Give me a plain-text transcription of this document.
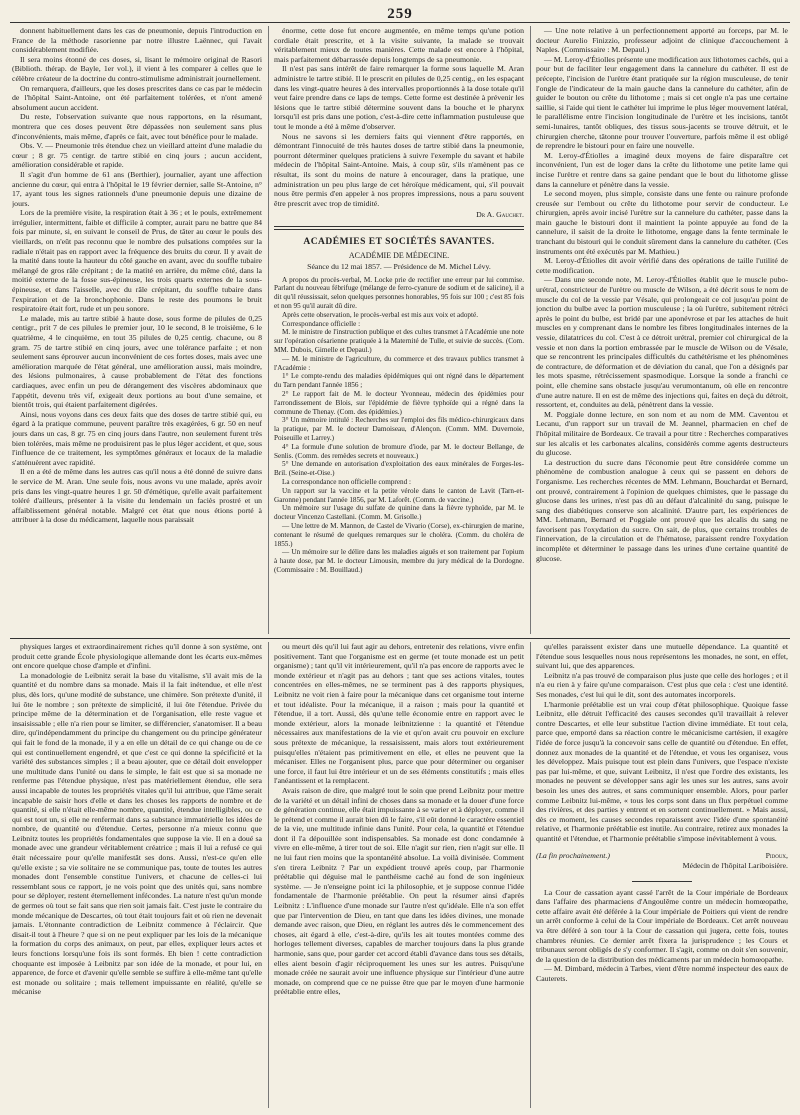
259

donnent habituellement dans les cas de pneumonie, depuis l'introduction en France de la méthode rasorienne par notre illustre Laënnec, qui l'avait considérablement modifiée.

Il sera moins étonné de ces doses, si, lisant le mémoire original de Rasori (Biblioth. thérap. de Bayle, 1er vol.), il vient à les comparer à celles que le célèbre créateur de la doctrine du contro-stimulisme administrait journellement.

On remarquera, d'ailleurs, que les doses prescrites dans ce cas par le médecin de l'hôpital Saint-Antoine, ont été parfaitement tolérées, et n'ont amené absolument aucun accident.

Du reste, l'observation suivante que nous rapportons, en la résumant, montrera que ces doses peuvent être dépassées non seulement sans plus d'inconvénients, mais même, d'après ce fait, avec tout bénéfice pour le malade.

Obs. V. — Pneumonie très étendue chez un vieillard atteint d'une maladie du cœur ; 8 gr. 75 centigr. de tartre stibié en cinq jours ; aucun accident, amélioration considérable et rapide.

Il s'agit d'un homme de 61 ans (Berthier), journalier, ayant une affection ancienne du cœur, qui entra à l'hôpital le 19 février dernier, salle St-Antoine, n° 17, ayant tous les signes rationnels d'une pneumonie depuis une dizaine de jours.

Lors de la première visite, la respiration était à 36 ; et le pouls, extrêmement irrégulier, intermittent, faible et difficile à compter, aurait paru ne battre que 84 fois par minute, si, en suivant le conseil de Prus, de tâter au cœur le pouls des vieillards, on n'eût pas reconnu que le nombre des pulsations comptées sur la radiale n'était pas en rapport avec la fréquence des bruits du cœur. Il y avait de la matité dans toute la hauteur du côté gauche en avant, avec du souffle tubaire mélangé de gros râle crépitant ; de la matité en arrière, du même côté, dans la moitié externe de la fosse sus-épineuse, les trois quarts externes de la sous-épineuse, et dans l'aisselle, avec du râle crépitant, du souffle tubaire dans l'expiration et de la bronchophonie. Dans le reste des poumons le bruit respiratoire était fort, rude et un peu sonore.

Le malade, mis au tartre stibié à haute dose, sous forme de pilules de 0,25 centigr., prit 7 de ces pilules le premier jour, 10 le second, 8 le troisième, 6 le quatrième, 4 le cinquième, en tout 35 pilules de 0,25 centig. chacune, ou 8 gram. 75 de tartre stibié en cinq jours, avec une tolérance parfaite ; et non seulement sans éprouver aucun inconvénient de ces fortes doses, mais avec une amélioration marquée de l'état général, une amélioration aussi, mais moindre, des lésions pulmonaires, à cause probablement de l'état des fonctions cardiaques, avec enfin un peu de dérangement des viscères abdominaux que l'appétit, devenu très vif, exigeait deux portions au bout d'une semaine, et bientôt trois, qui étaient parfaitement digérées.

Ainsi, nous voyons dans ces deux faits que des doses de tartre stibié qui, eu égard à la pratique commune, peuvent paraître très exagérées, 6 gr. 50 en neuf jours dans un cas, 8 gr. 75 en cinq jours dans l'autre, non seulement furent très bien tolérées, mais même ne produisirent pas le plus léger accident, et que, sous l'influence de ce traitement, les symptômes généraux et locaux de la maladie s'atténuèrent avec rapidité.

Il en a été de même dans les autres cas qu'il nous a été donné de suivre dans le service de M. Aran. Une seule fois, nous avons vu une malade, après avoir pris dans les vingt-quatre heures 1 gr. 50 d'émétique, qu'elle avait parfaitement toléré d'ailleurs, présenter à la visite du lendemain un faciès prostré et un affaiblissement général notable. Malgré cet état que nous étions porté à attribuer à la dose du médicament, laquelle nous paraissait

énorme, cette dose fut encore augmentée, en même temps qu'une potion cordiale était prescrite, et à la visite suivante, la malade se trouvait véritablement mieux de toutes manières. Cette malade est encore à l'hôpital, mais parfaitement débarrassée depuis longtemps de sa pneumonie.

Il n'est pas sans intérêt de faire remarquer la forme sous laquelle M. Aran administre le tartre stibié. Il le prescrit en pilules de 0,25 centig., en les espaçant dans les vingt-quatre heures à des intervalles proportionnés à la dose totale qu'il veut faire prendre dans ce laps de temps. Cette forme est destinée à prévenir les lésions que le tartre stibié détermine souvent dans la bouche et le pharynx lorsqu'il est pris dans une potion, c'est-à-dire cette inflammation pustuleuse que tout le monde a été à même d'observer.

Nous ne savons si les derniers faits qui viennent d'être rapportés, en démontrant l'innocuité de très hautes doses de tartre stibié dans la pneumonie, pourront déterminer quelques praticiens à suivre l'exemple du savant et habile médecin de l'hôpital Saint-Antoine. Mais, à coup sûr, s'ils n'amènent pas ce résultat, ils sont du moins de nature à encourager, dans la pratique, une administration un peu plus large de cet héroïque médicament, qui, s'il pouvait nous être permis d'en appeler à nos propres impressions, nous a paru souvent être prescrit avec trop de timidité.

Dr A. Gauchet.
ACADÉMIES ET SOCIÉTÉS SAVANTES.
ACADÉMIE DE MÉDECINE.
Séance du 12 mai 1857. — Présidence de M. Michel Lévy.

A propos du procès-verbal, M. Locke prie de rectifier une erreur par lui commise. Parlant du nouveau fébrifuge (mélange de ferro-cyanure de sodium et de salicine), il a dit qu'il réussissait, selon quelques personnes honorables, 95 fois sur 100 ; c'est 85 fois et non 95 qu'il aurait dû dire.

Après cette observation, le procès-verbal est mis aux voix et adopté.

Correspondance officielle :

M. le ministre de l'instruction publique et des cultes transmet à l'Académie une note sur l'opération césarienne pratiquée à la Maternité de Tulle, et suivie de succès. (Com. MM. Dubois, Gimelle et Depaul.)

— M. le ministre de l'agriculture, du commerce et des travaux publics transmet à l'Académie :

1° Le compte-rendu des maladies épidémiques qui ont régné dans le département du Tarn pendant l'année 1856 ;

2° Le rapport fait de M. le docteur Yvonneau, médecin des épidémies pour l'arrondissement de Blois, sur l'épidémie de fièvre typhoïde qui a régné dans la commune de Thenay. (Com. des épidémies.)

3° Un mémoire intitulé : Recherches sur l'emploi des fils médico-chirurgicaux dans la pratique, par M. le docteur Damoiseau, d'Alençon. (Comm. MM. Duvernoie, Poiseuille et Larrey.)

4° La formule d'une solution de bromure d'iode, par M. le docteur Bellange, de Senlis. (Comm. des remèdes secrets et nouveaux.)

5° Une demande en autorisation d'exploitation des eaux minérales de Forges-les-Bril. (Seine-et-Oise.)

La correspondance non officielle comprend :

Un rapport sur la vaccine et la petite vérole dans le canton de Lavit (Tarn-et-Garonne) pendant l'année 1856, par M. Laforêt. (Comm. de vaccine.)

Un mémoire sur l'usage du sulfate de quinine dans la fièvre typhoïde, par M. le docteur Vincenzo Castellani. (Comm. M. Grisolle.)

— Une lettre de M. Mannon, de Castel de Vivario (Corse), ex-chirurgien de marine, contenant le résumé de quelques remarques sur le choléra. (Comm. du choléra de 1855.)

— Un mémoire sur le délire dans les maladies aiguës et son traitement par l'opium à haute dose, par M. le docteur Limousin, membre du jury médical de la Dordogne. (Commissaire : M. Bouillaud.)

— Une note relative à un perfectionnement apporté au forceps, par M. le docteur Aurelio Finizzio, professeur adjoint de clinique d'accouchement à Naples. (Commissaire : M. Depaul.)

— M. Leroy-d'Étiolles présente une modification aux lithotomes cachés, qui a pour but de faciliter leur engagement dans la cannelure du cathéter. Il est de précepte, l'incision de l'urètre étant pratiquée sur la région musculeuse, de tenir l'ongle de l'indicateur de la main gauche dans la cannelure du cathéter, afin de guider le bouton ou crête du lithotome ; mais si cet ongle n'a pas une certaine saillie, si l'aide qui tient le cathéter lui imprime le plus léger mouvement latéral, le parallélisme entre l'incision longitudinale de l'urètre et les incisions, tantôt semi-lunaires, tantôt obliques, des tissus sous-jacents se trouve détruit, et le chirurgien cherche, tâtonne pour trouver l'ouverture, parfois même il est obligé de reprendre le bistouri pour en faire une nouvelle.

M. Leroy-d'Étiolles a imaginé deux moyens de faire disparaître cet inconvénient, l'un est de loger dans la crête du lithotome une petite lame qui incise l'urètre et rentre dans sa gaine pendant que le bout du lithotome glisse dans la cannelure et pénètre dans la vessie.

Le second moyen, plus simple, consiste dans une fente ou rainure profonde creusée sur l'embout ou crête du lithotome pour servir de conducteur. Le chirurgien, après avoir incisé l'urètre sur la cannelure du cathéter, passe dans la main gauche le bistouri dont il maintient la pointe appuyée au fond de la cannelure, il saisit de la droite le lithotome, engage dans la fente terminale le tranchant du bistouri qui le conduit sûrement dans la cannelure du cathéter. (Ces instruments ont été exécutés par M. Mathieu.)

M. Leroy-d'Étiolles dit avoir vérifié dans des opérations de taille l'utilité de cette modification.

— Dans une seconde note, M. Leroy-d'Étiolles établit que le muscle pubo-urétral, constricteur de l'urètre ou muscle de Wilson, a été décrit sous le nom de muscle du col de la vessie par Vésale, qui prolongeait ce col jusqu'au point de jonction du bulbe avec la portion musculeuse ; la où l'urètre, subitement rétréci après le point du bulbe, est bridé par une aponévrose et par les attaches de huit muscles en y comprenant dans le nombre les fibres longitudinales internes de la vessie, dilatatrices du col. C'est à ce détroit urétral, premier col chirurgical de la vessie et non dans la portion embrassée par le muscle de Wilson ou de Vésale, que se rencontrent les principales difficultés du cathétérisme et les phénomènes de contracture, de déformation et de déviation du canal, que l'on a désignés par les mots spasme, rétrécissement spasmodique. Lorsque la sonde a franchi ce point, elle chemine sans obstacle jusqu'au verumontanum, où elle en rencontre d'une autre nature. Il en est de même des injections qui, faites en deçà du détroit, ressortent, et, conduites au delà, pénètrent dans la vessie.

M. Poggiale donne lecture, en son nom et au nom de MM. Caventou et Lecanu, d'un rapport sur un travail de M. Jeannel, pharmacien en chef de l'hôpital militaire de Bordeaux. Ce travail a pour titre : Recherches comparatives sur les alcalis et les carbonates alcalins, considérés comme agents destructeurs du glucose.

La destruction du sucre dans l'économie peut être considérée comme un phénomène de combustion analogue à ceux qui se passent en dehors de l'organisme. Les recherches récentes de MM. Lehmann, Bouchardat et Bernard, ont prouvé, contrairement à l'opinion de quelques chimistes, que le passage du glucose dans les urines, n'est pas dû au défaut d'alcalinité du sang, puisque le sang des diabétiques conserve son alcalinité. D'autre part, les expériences de MM. Lehmann, Bernard et Poggiale ont prouvé que les alcalis du sang ne favorisent pas l'oxydation du sucre. On sait, de plus, que certains troubles de l'innervation, de la circulation et de l'hématose, paraissent rendre l'oxydation incomplète et déterminer le passage dans les urines d'une certaine quantité de glucose.

physiques larges et extraordinairement riches qu'il donne à son système, ont produit cette grande École physiologique allemande dont les écarts eux-mêmes ont encore quelque chose d'ample et d'infini.

La monadologie de Leibnitz serait la base du vitalisme, s'il avait mis de la quantité et du nombre dans sa monade. Mais il la fait inétendue, et elle n'est plus, dès lors, qu'une modité de substance, une chimère. Son prétexte d'unité, il lui ôte le nombre ; son prétexte de simplicité, il lui ôte l'étendue. Privée du principe même de la détermination et de l'organisation, elle reste vague et insaisissable ; elle n'a rien pour se limiter, se différencier, s'anatomiser. Il a beau dire, qu'indépendamment du principe du changement ou du principe générateur qui fait le fond de la monade, il y a en elle un détail de ce qui change ou de ce qui est continuellement engendré, et que c'est ce qui donne la spécificité et la variété des substances simples ; il a beau ajouter, que ce détail doit envelopper une multitude dans l'unité ou dans le simple, le fait est que si sa monade ne renferme pas l'étendue physique, n'est pas matériellement étendue, elle sera aussi incapable de toutes les propriétés vitales qu'il lui attribue, que l'âme serait incapable de saisir hors d'elle et dans les choses les rapports de nombre et de quantité, si elle n'était elle-même nombre, quantité, étendue intelligibles, ou ce qui est tout un, si elle ne renfermait dans sa substance immatérielle les idées de nombre, de quantité ou d'étendue. Certes, personne n'a mieux connu que Leibnitz toutes les propriétés fondamentales que suppose la vie. Il en a doué sa monade avec une grandeur véritablement créatrice ; mais il lui a refusé ce qui était nécessaire pour qu'elle manifestât ses dons. Aussi, n'est-ce qu'en elle qu'elle existe ; sa vie solitaire ne se communique pas, toute de toutes les autres monades dont l'ensemble constitue l'univers, et chacune de celles-ci lui ressemblant sous ce rapport, je ne vois point que des unités qui, sans nombre pour se déployer, restent éternellement infécondes. La nature n'est qu'un monde de germes où tout se fait sans que rien soit jamais fait. C'est juste le contraire du monde mécanique de Descartes, où tout était toujours fait et où rien ne devenait jamais. L'étonnante contradiction de Leibnitz commence à l'éclaircir. Que disait-il tout à l'heure ? que si on ne peut expliquer par les lois de la mécanique la formation du corps des animaux, on peut, par elles, expliquer leurs actes et leurs fonctions lorsqu'une fois ils sont formés. Eh bien ! cette contradiction choquante est imposée à Leibnitz par son idée de la monade, et pour lui, en apparence, de force et d'avenir qu'elle semble se suffire à elle-même tant qu'elle est monade ou solitaire ; mais tellement impuissante en réalité, qu'elle se mécanise

ou meurt dès qu'il lui faut agir au dehors, entretenir des relations, vivre enfin positivement. Tant que l'organisme est en germe (et toute monade est un petit organisme) ; tant qu'il vit intérieurement, qu'il n'a pas encore de rapports avec le monde extérieur et n'agit pas au dehors ; tant que ses actions vitales, toutes concentrées en elles-mêmes, ne se terminent pas à des rapports physiques, Leibnitz ne voit rien à faire pour la mécanique dans cet organisme tout interne et tout idéaliste. Pour la mécanique, il a raison ; mais pour la quantité et l'étendue, il a tort. Aussi, dès qu'une telle économie entre en rapport avec le monde extérieur, alors la monade leibnitzienne : la quantité et l'étendue nécessaires aux manifestations de la vie et qu'on avait cru pouvoir en exclure sous prétexte de mécanique, la ressaisissent, mais alors tout extérieurement puisqu'elles n'étaient pas primitivement en elle, et elles ne peuvent que la mécaniser. Elles ne l'organisent plus, parce que pour déterminer ou organiser une force, il faut lui être intérieur et un de ses éléments constitutifs ; mais elles l'anéantissent et la remplacent.

Avais raison de dire, que malgré tout le soin que prend Leibnitz pour mettre de la variété et un détail infini de choses dans sa monade et la douer d'une force de génération continue, elle était impuissante à se varier et à déployer, comme il le prétend et comme il aurait bien dû le faire, s'il eût donné le caractère essentiel de la vie, une multitude infinie dans l'unité. Pour cela, la quantité et l'étendue dont il l'a dépouillée sont indispensables. Sa monade est donc condamnée à vivre en elle-même, à tirer tout de soi. Elle n'agit sur rien, rien n'agit sur elle. Il ne lui faut rien moins que la spontanéité absolue. La voilà divinisée. Comment s'en tirera Leibnitz ? Par un expédient trouvé après coup, par l'harmonie préétablie qui déguise mal le panthéisme caché au fond de son ingénieux système. — Je n'enseigne point ici la philosophie, et je suppose connue l'idée fondamentale de l'harmonie préétablie. On peut la résumer ainsi d'après Leibnitz : L'influence d'une monade sur l'autre n'est qu'idéale. Elle n'a son effet que par l'intervention de Dieu, en tant que dans les idées divines, une monade demande avec raison, que Dieu, en réglant les autres dès le commencement des choses, ait égard à elle, c'est-à-dire, qu'ils les ait toutes montées comme des horloges tellement diverses, capables de marcher toujours dans la plus grande harmonie, sans que, pour garder cet accord établi d'avance dans tous ses détails, elles aient besoin d'agir réciproquement les unes sur les autres. Puisqu'une monade créée ne saurait avoir une influence physique sur l'intérieur d'une autre monade, on comprend que ce ne puisse être que par le moyen d'une harmonie préétablie entre elles,

qu'elles paraissent exister dans une mutuelle dépendance. La quantité et l'étendue sous lesquelles nous nous représentons les monades, ne sont, en effet, suivant lui, que des apparences.

Leibnitz n'a pas trouvé de comparaison plus juste que celle des horloges ; et il n'a eu rien à y faire qu'une comparaison. C'est plus que cela : c'est une identité. Ses monades, c'est lui qui le dit, sont des automates incorporels.

L'harmonie préétablie est un vrai coup d'état philosophique. Quoique fasse Leibnitz, elle détruit l'efficacité des causes secondes qu'il travaillait à relever contre Descartes, et elle leur substitue l'action divine immédiate. Et tout cela, parce que, emporté dans sa réaction contre le mécanicisme cartésien, il exagère l'idée de force jusqu'à la concevoir sans celle de quantité ou d'étendue. En effet, donnez aux monades de la quantité et de l'étendue, et vous les organisez, vous les développez. Mais puisque tout est plein dans l'univers, que l'espace n'existe pas par lui-même, et que, suivant Leibnitz, il n'est que l'ordre des existants, les monades ne peuvent se développer sans agir les unes sur les autres, sans avoir besoin les unes des autres, et sans communiquer ensemble. Alors, pour parler comme Leibnitz lui-même, « tous les corps sont dans un flux perpétuel comme des rivières, et des parties y entrent et en sortent continuellement. » Mais aussi, dès ce moment, les causes secondes reparaissent avec l'idée d'une spontanéité relative, et l'harmonie préétablie est inutile. Au contraire, retirez aux monades la quantité et l'étendue, et l'harmonie préétablie s'impose inévitablement à vous.

(La fin prochainement.)	Pidoux,
Médecin de l'hôpital Lariboisière.

La Cour de cassation ayant cassé l'arrêt de la Cour impériale de Bordeaux dans l'affaire des pharmaciens d'Angoulême contre un médecin homœopathe, cette affaire avait été déférée à la Cour impériale de Poitiers qui vient de rendre un arrêt conforme à celui de la Cour impériale de Bordeaux. Cet arrêt nouveau va être déféré à son tour à la Cour de cassation qui jugera, cette fois, toutes chambres réunies. Ce dernier arrêt fixera la jurisprudence ; les Cours et tribunaux seront obligés de s'y conformer. Il s'agit, comme on doit s'en souvenir, de la question de la distribution des médicaments par un médecin homœopathe.

— M. Dimbard, médecin à Tarbes, vient d'être nommé inspecteur des eaux de Cauterets.
